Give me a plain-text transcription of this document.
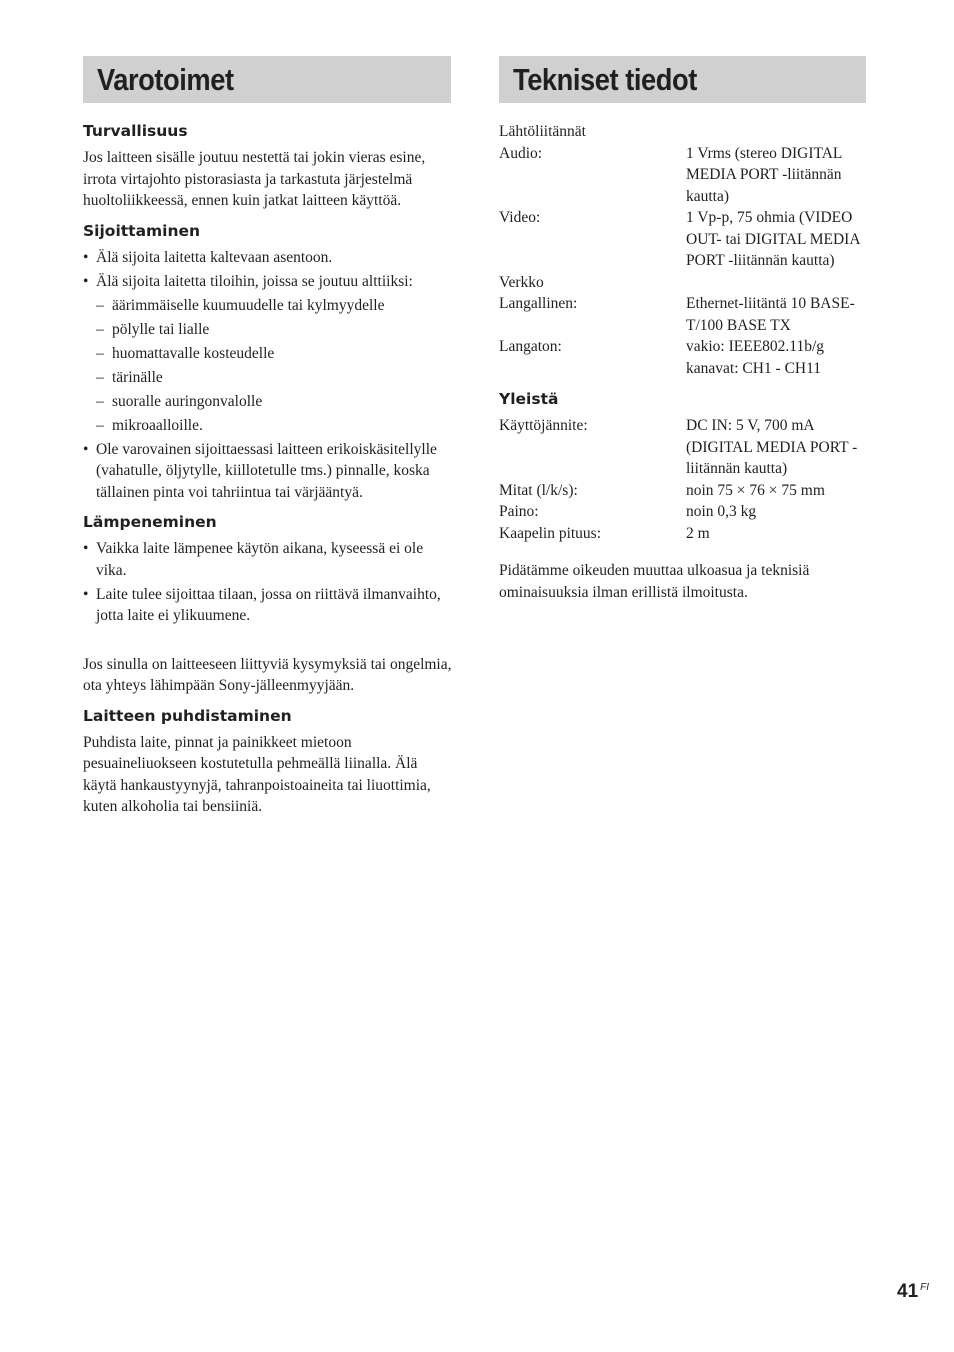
Varotoimet
Turvallisuus

Jos laitteen sisälle joutuu nestettä tai jokin vieras esine, irrota virtajohto pistorasiasta ja tarkastuta järjestelmä huoltoliikkeessä, ennen kuin jatkat laitteen käyttöä.

Sijoittaminen
• Älä sijoita laitetta kaltevaan asentoon.
• Älä sijoita laitetta tiloihin, joissa se joutuu alttiiksi:
– äärimmäiselle kuumuudelle tai kylmyydelle
– pölylle tai lialle
– huomattavalle kosteudelle
– tärinälle
– suoralle auringonvalolle
– mikroaalloille.
• Ole varovainen sijoittaessasi laitteen erikoiskäsitellylle (vahatulle, öljytylle, kiillotetulle tms.) pinnalle, koska tällainen pinta voi tahriintua tai värjääntyä.
Lämpeneminen
• Vaikka laite lämpenee käytön aikana, kyseessä ei ole vika.
• Laite tulee sijoittaa tilaan, jossa on riittävä ilmanvaihto, jotta laite ei ylikuumene.

Jos sinulla on laitteeseen liittyviä kysymyksiä tai ongelmia, ota yhteys lähimpään Sony-jälleenmyyjään.

Laitteen puhdistaminen

Puhdista laite, pinnat ja painikkeet mietoon pesuaineliuokseen kostutetulla pehmeällä liinalla. Älä käytä hankaustyynyjä, tahranpoistoaineita tai liuottimia, kuten alkoholia tai bensiiniä.

Tekniset tiedot

Lähtöliitännät

Audio:	1 Vrms (stereo DIGITAL MEDIA PORT -liitännän kautta)
Video:	1 Vp-p, 75 ohmia (VIDEO OUT- tai DIGITAL MEDIA PORT -liitännän kautta)

Verkko

Langallinen:	Ethernet-liitäntä 10 BASE-T/100 BASE TX
Langaton:	vakio: IEEE802.11b/g
kanavat: CH1 - CH11
Yleistä
Käyttöjännite:	DC IN: 5 V, 700 mA (DIGITAL MEDIA PORT -liitännän kautta)
Mitat (l/k/s):	noin 75 × 76 × 75 mm
Paino:	noin 0,3 kg
Kaapelin pituus:	2 m

Pidätämme oikeuden muuttaa ulkoasua ja teknisiä ominaisuuksia ilman erillistä ilmoitusta.

41 $^{FI}$
